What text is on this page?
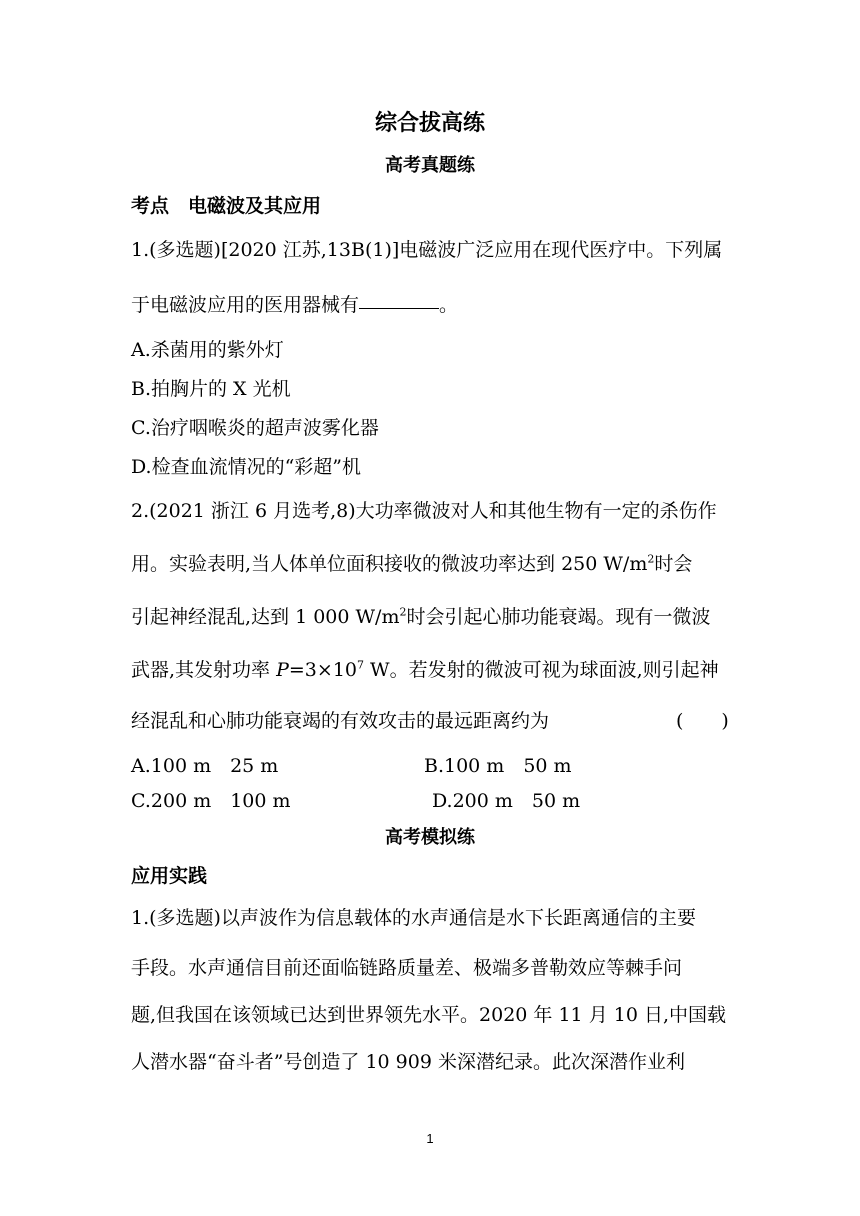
综合拔高练
高考真题练
考点　电磁波及其应用
1.(多选题)[2020 江苏,13B(1)]电磁波广泛应用在现代医疗中。下列属
于电磁波应用的医用器械有	。
A.杀菌用的紫外灯
B.拍胸片的 X 光机
C.治疗咽喉炎的超声波雾化器
D.检查血流情况的“彩超”机
2.(2021 浙江 6 月选考,8)大功率微波对人和其他生物有一定的杀伤作
用。实验表明,当人体单位面积接收的微波功率达到 250 $W/m^2$时会
引起神经混乱,达到 1 000 $W/m^2$时会引起心肺功能衰竭。现有一微波
武器,其发射功率 $P=3\times 10^7$ W。若发射的微波可视为球面波,则引起神
经混乱和心肺功能衰竭的有效攻击的最远距离约为	(　　)
A.100 m　25 m	B.100 m　50 m
C.200 m　100 m	D.200 m　50 m
高考模拟练
应用实践
1.(多选题)以声波作为信息载体的水声通信是水下长距离通信的主要
手段。水声通信目前还面临链路质量差、极端多普勒效应等棘手问
题,但我国在该领域已达到世界领先水平。2020 年 11 月 10 日,中国载
人潜水器“奋斗者”号创造了 10 909 米深潜纪录。此次深潜作业利
1
